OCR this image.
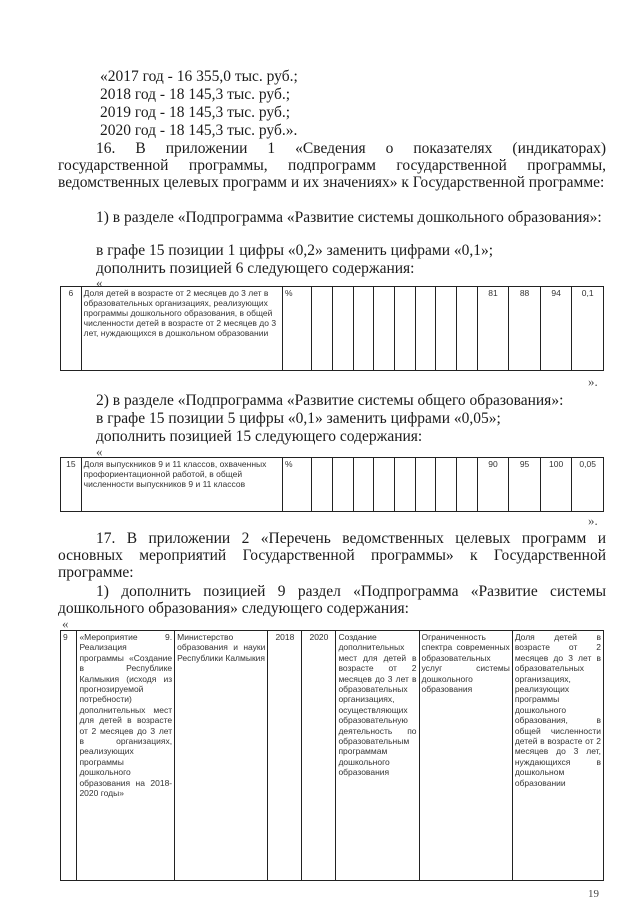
«2017 год - 16 355,0 тыс. руб.;
2018 год - 18 145,3 тыс. руб.;
2019 год - 18 145,3 тыс. руб.;
2020 год - 18 145,3 тыс. руб.».
16. В приложении 1 «Сведения о показателях (индикаторах) государственной программы, подпрограмм государственной программы, ведомственных целевых программ и их значениях» к Государственной программе:
1) в разделе «Подпрограмма «Развитие системы дошкольного образования»:
в графе 15 позиции 1 цифры «0,2» заменить цифрами «0,1»;
дополнить позицией 6 следующего содержания:
«
6	Доля детей в возрасте от 2 месяцев до 3 лет в образовательных организациях, реализующих программы дошкольного образования, в общей численности детей в возрасте от 2 месяцев до 3 лет, нуждающихся в дошкольном образовании	%									81	88	94	0,1
».
2) в разделе «Подпрограмма «Развитие системы общего образования»:
в графе 15 позиции 5 цифры «0,1» заменить цифрами «0,05»;
дополнить позицией 15 следующего содержания:
«
15	Доля выпускников 9 и 11 классов, охваченных профориентационной работой, в общей численности выпускников 9 и 11 классов	%									90	95	100	0,05
».
17. В приложении 2 «Перечень ведомственных целевых программ и основных мероприятий Государственной программы» к Государственной программе:
1) дополнить позицией 9 раздел «Подпрограмма «Развитие системы дошкольного образования» следующего содержания:
«
9	«Мероприятие 9. Реализация программы «Создание в Республике Калмыкия (исходя из прогнозируемой потребности) дополнительных мест для детей в возрасте от 2 месяцев до 3 лет в организациях, реализующих программы дошкольного образования на 2018-2020 годы»	Министерство образования и науки Республики Калмыкия	2018	2020	Создание дополнительных мест для детей в возрасте от 2 месяцев до 3 лет в образовательных организациях, осуществляющих образовательную деятельность по образовательным программам дошкольного образования	Ограниченность спектра современных образовательных услуг системы дошкольного образования	Доля детей в возрасте от 2 месяцев до 3 лет в образовательных организациях, реализующих программы дошкольного образования, в общей численности детей в возрасте от 2 месяцев до 3 лет, нуждающихся в дошкольном образовании
19
